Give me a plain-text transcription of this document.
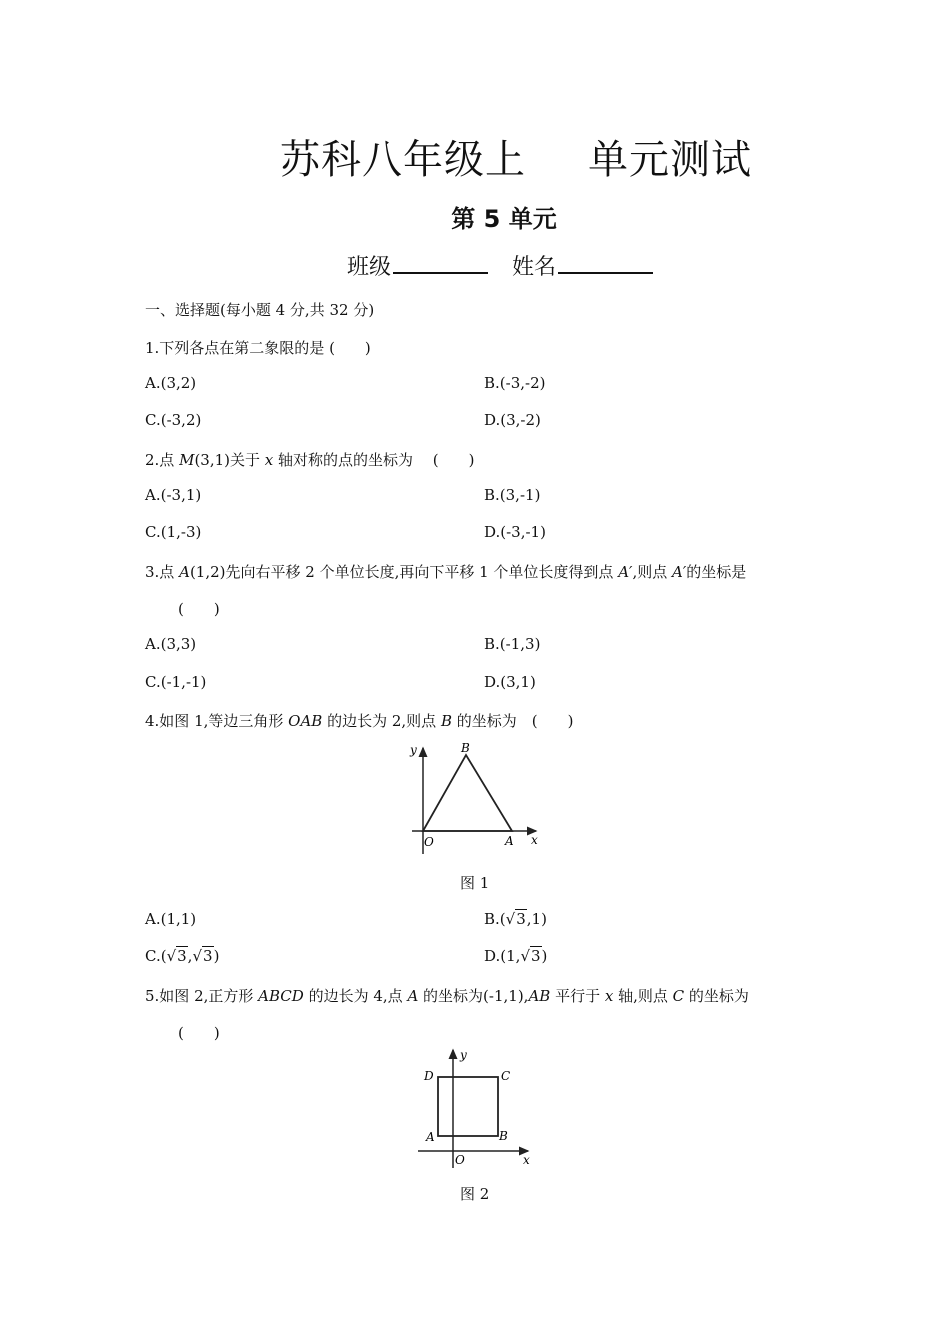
苏科八年级上 单元测试
第 5 单元
班级	姓名
一、选择题(每小题 4 分,共 32 分)
1.下列各点在第二象限的是 (　　)
A.(3,2)	B.(-3,-2)
C.(-3,2)	D.(3,-2)
2.点 M(3,1)关于 x 轴对称的点的坐标为　 (　　)
A.(-3,1)	B.(3,-1)
C.(1,-3)	D.(-3,-1)
3.点 A(1,2)先向右平移 2 个单位长度,再向下平移 1 个单位长度得到点 A′,则点 A′的坐标是
(　　)
A.(3,3)	B.(-1,3)
C.(-1,-1)	D.(3,1)
4.如图 1,等边三角形 OAB 的边长为 2,则点 B 的坐标为　(　　)
y
x
O	A
B
图 1
A.(1,1)	B.(√3,1)
C.(√3,√3)	D.(1,√3)
5.如图 2,正方形 ABCD 的边长为 4,点 A 的坐标为(-1,1),AB 平行于 x 轴,则点 C 的坐标为
(　　)
y
x
O
A	B
C
D
图 2
